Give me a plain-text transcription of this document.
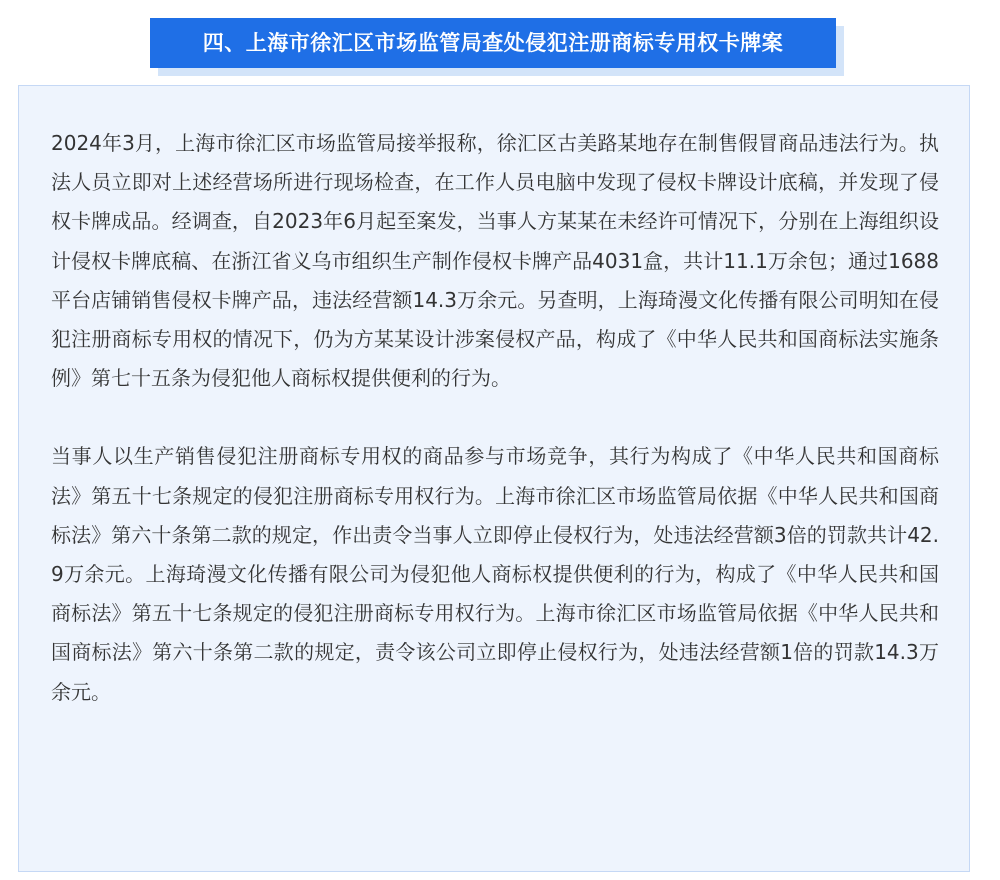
四、上海市徐汇区市场监管局查处侵犯注册商标专用权卡牌案

2024年3月，上海市徐汇区市场监管局接举报称，徐汇区古美路某地存在制售假冒商品违法行为。执法人员立即对上述经营场所进行现场检查，在工作人员电脑中发现了侵权卡牌设计底稿，并发现了侵权卡牌成品。经调查，自2023年6月起至案发，当事人方某某在未经许可情况下，分别在上海组织设计侵权卡牌底稿、在浙江省义乌市组织生产制作侵权卡牌产品4031盒，共计11.1万余包；通过1688平台店铺销售侵权卡牌产品，违法经营额14.3万余元。另查明，上海琦漫文化传播有限公司明知在侵犯注册商标专用权的情况下，仍为方某某设计涉案侵权产品，构成了《中华人民共和国商标法实施条例》第七十五条为侵犯他人商标权提供便利的行为。

当事人以生产销售侵犯注册商标专用权的商品参与市场竞争，其行为构成了《中华人民共和国商标法》第五十七条规定的侵犯注册商标专用权行为。上海市徐汇区市场监管局依据《中华人民共和国商标法》第六十条第二款的规定，作出责令当事人立即停止侵权行为，处违法经营额3倍的罚款共计42.9万余元。上海琦漫文化传播有限公司为侵犯他人商标权提供便利的行为，构成了《中华人民共和国商标法》第五十七条规定的侵犯注册商标专用权行为。上海市徐汇区市场监管局依据《中华人民共和国商标法》第六十条第二款的规定，责令该公司立即停止侵权行为，处违法经营额1倍的罚款14.3万余元。
